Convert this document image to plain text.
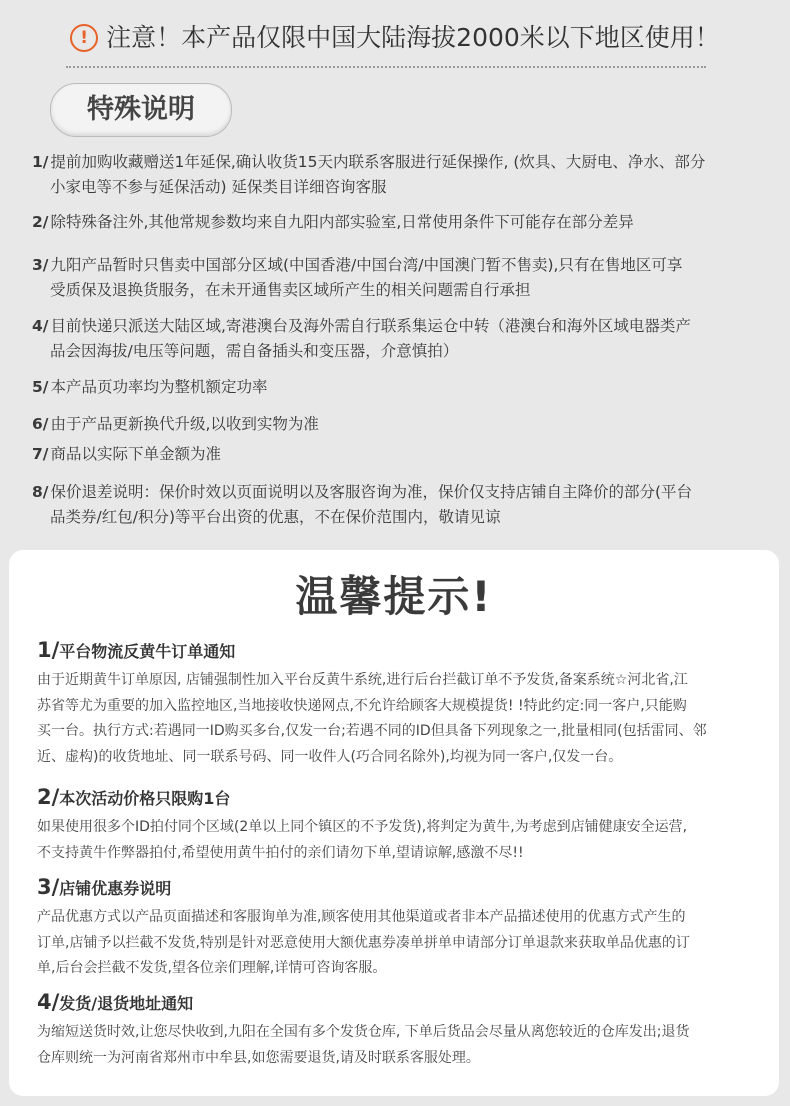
! 注意！本产品仅限中国大陆海拔2000米以下地区使用！
特殊说明
1/ 提前加购收藏赠送1年延保,确认收货15天内联系客服进行延保操作, (炊具、大厨电、净水、部分
小家电等不参与延保活动) 延保类目详细咨询客服
2/ 除特殊备注外,其他常规参数均来自九阳内部实验室,日常使用条件下可能存在部分差异
3/ 九阳产品暂时只售卖中国部分区域(中国香港/中国台湾/中国澳门暂不售卖),只有在售地区可享
受质保及退换货服务，在未开通售卖区域所产生的相关问题需自行承担
4/ 目前快递只派送大陆区域,寄港澳台及海外需自行联系集运仓中转（港澳台和海外区域电器类产
品会因海拔/电压等问题，需自备插头和变压器，介意慎拍）
5/ 本产品页功率均为整机额定功率
6/ 由于产品更新换代升级,以收到实物为准
7/ 商品以实际下单金额为准
8/ 保价退差说明：保价时效以页面说明以及客服咨询为准，保价仅支持店铺自主降价的部分(平台
品类券/红包/积分)等平台出资的优惠，不在保价范围内，敬请见谅
温馨提示!
1/平台物流反黄牛订单通知
由于近期黄牛订单原因, 店铺强制性加入平台反黄牛系统,进行后台拦截订单不予发货,备案系统☆河北省,江
苏省等尤为重要的加入监控地区,当地接收快递网点,不允许给顾客大规模提货! !特此约定:同一客户,只能购
买一台。执行方式:若遇同一ID购买多台,仅发一台;若遇不同的ID但具备下列现象之一,批量相同(包括雷同、邻
近、虚构)的收货地址、同一联系号码、同一收件人(巧合同名除外),均视为同一客户,仅发一台。
2/本次活动价格只限购1台
如果使用很多个ID拍付同个区域(2单以上同个镇区的不予发货),将判定为黄牛,为考虑到店铺健康安全运营,
不支持黄牛作弊器拍付,希望使用黄牛拍付的亲们请勿下单,望请谅解,感激不尽!!
3/店铺优惠券说明
产品优惠方式以产品页面描述和客服询单为准,顾客使用其他渠道或者非本产品描述使用的优惠方式产生的
订单,店铺予以拦截不发货,特别是针对恶意使用大额优惠券凑单拼单申请部分订单退款来获取单品优惠的订
单,后台会拦截不发货,望各位亲们理解,详情可咨询客服。
4/发货/退货地址通知
为缩短送货时效,让您尽快收到,九阳在全国有多个发货仓库, 下单后货品会尽量从离您较近的仓库发出;退货
仓库则统一为河南省郑州市中牟县,如您需要退货,请及时联系客服处理。
